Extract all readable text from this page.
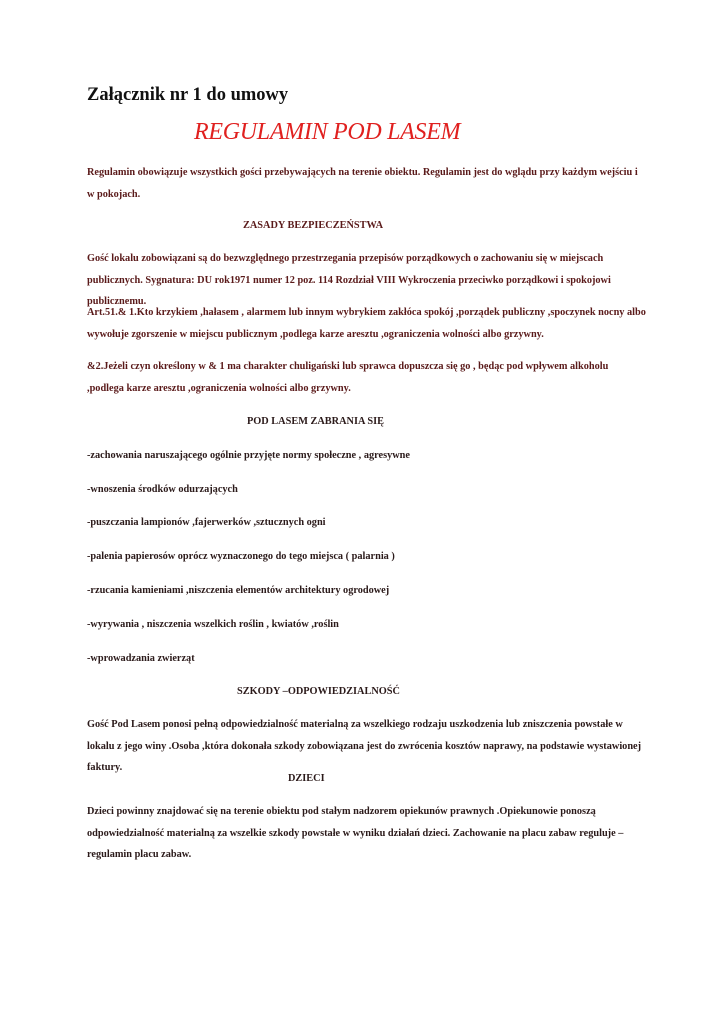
Załącznik nr 1 do umowy
REGULAMIN POD LASEM

Regulamin obowiązuje wszystkich gości przebywających na terenie obiektu. Regulamin jest do wglądu przy każdym wejściu i w pokojach.

ZASADY BEZPIECZEŃSTWA

Gość lokalu zobowiązani są do bezwzględnego przestrzegania przepisów porządkowych o zachowaniu się w miejscach publicznych. Sygnatura: DU rok1971 numer 12 poz. 114 Rozdział VIII Wykroczenia przeciwko porządkowi i spokojowi publicznemu.

Art.51.& 1.Kto krzykiem ,hałasem , alarmem lub innym wybrykiem zakłóca spokój ,porządek publiczny ,spoczynek nocny albo wywołuje zgorszenie w miejscu publicznym ,podlega karze aresztu ,ograniczenia wolności albo grzywny.

&2.Jeżeli czyn określony w & 1 ma charakter chuligański lub sprawca dopuszcza się go , będąc pod wpływem alkoholu ,podlega karze aresztu ,ograniczenia wolności albo grzywny.

POD LASEM ZABRANIA SIĘ
-zachowania naruszającego ogólnie przyjęte normy społeczne , agresywne
-wnoszenia środków odurzających
-puszczania lampionów ,fajerwerków ,sztucznych ogni
-palenia papierosów oprócz wyznaczonego do tego miejsca ( palarnia )
-rzucania kamieniami ,niszczenia elementów architektury ogrodowej
-wyrywania , niszczenia wszelkich roślin , kwiatów ,roślin
-wprowadzania zwierząt
SZKODY –ODPOWIEDZIALNOŚĆ

Gość Pod Lasem ponosi pełną odpowiedzialność materialną za wszelkiego rodzaju uszkodzenia lub zniszczenia powstałe w lokalu z jego winy .Osoba ,która dokonała szkody zobowiązana jest do zwrócenia kosztów naprawy, na podstawie wystawionej faktury.

DZIECI

Dzieci powinny znajdować się na terenie obiektu pod stałym nadzorem opiekunów prawnych .Opiekunowie ponoszą odpowiedzialność materialną za wszelkie szkody powstałe w wyniku działań dzieci. Zachowanie na placu zabaw reguluje –regulamin placu zabaw.
